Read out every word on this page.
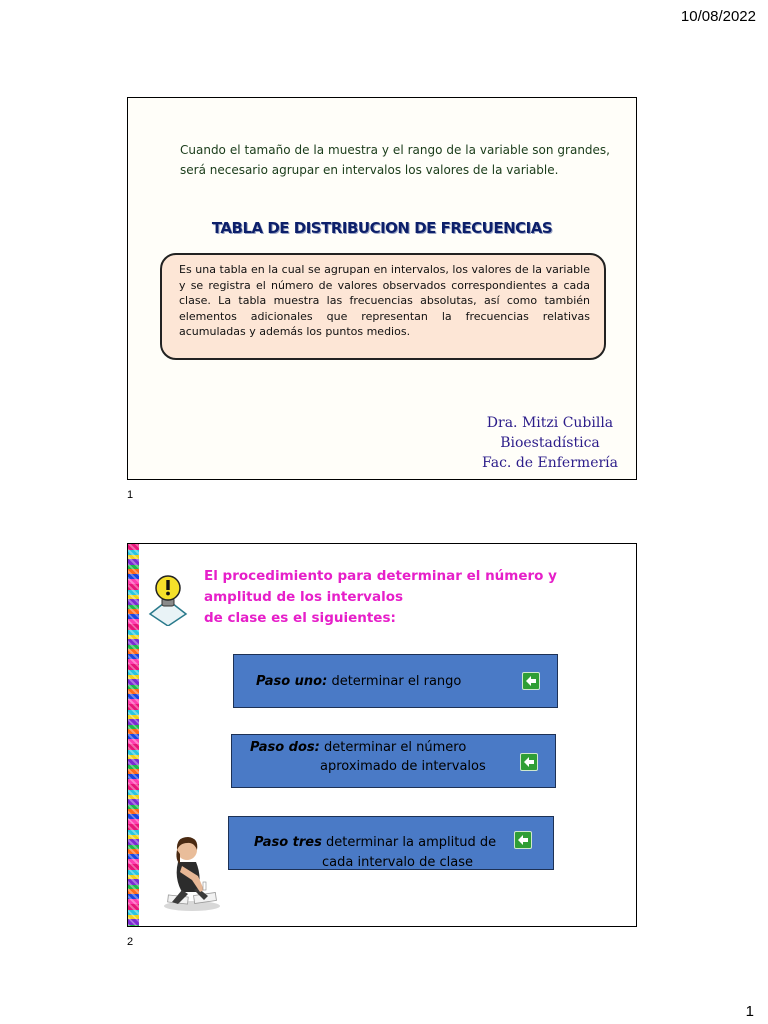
10/08/2022

Cuando el tamaño de la muestra y el rango de la variable son grandes, será necesario agrupar en intervalos los valores de la variable.

TABLA DE DISTRIBUCION DE FRECUENCIAS

Es una tabla en la cual se agrupan en intervalos, los valores de la variable y se registra el número de valores observados correspondientes a cada clase. La tabla muestra las frecuencias absolutas, así como también elementos adicionales que representan la frecuencias relativas acumuladas y además los puntos medios.

Dra. Mitzi Cubilla
Bioestadística
Fac. de Enfermería
1
El procedimiento para determinar el número y
amplitud de los intervalos
de clase es el siguientes:
Paso uno: determinar el rango
Paso dos: determinar el número
aproximado de intervalos
Paso tres determinar la amplitud de
cada intervalo de clase
2
1
